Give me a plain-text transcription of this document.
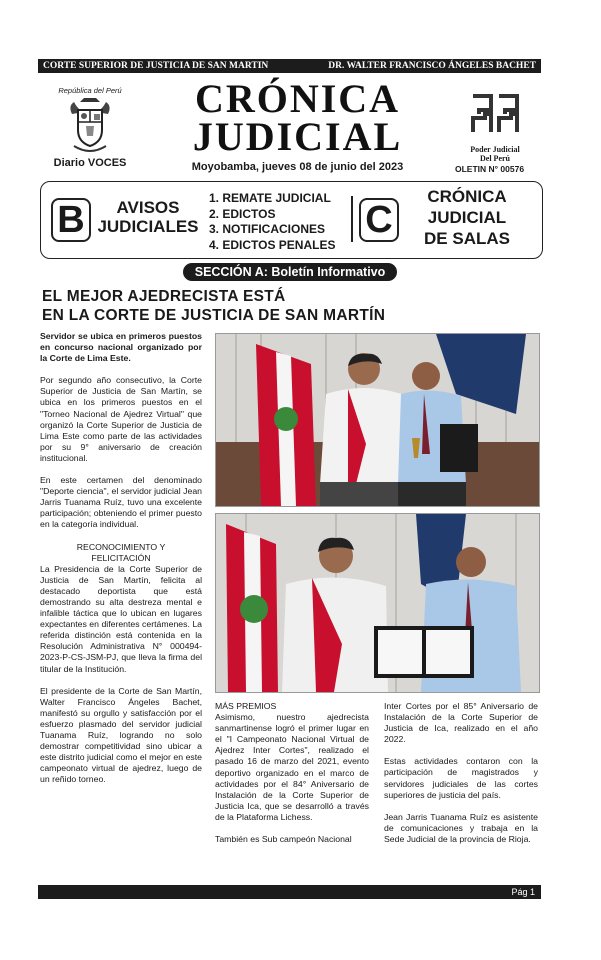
CORTE SUPERIOR DE JUSTICIA DE SAN MARTIN	DR. WALTER FRANCISCO ÁNGELES BACHET
República del Perú
Diario VOCES
CRÓNICA
JUDICIAL
Moyobamba, jueves 08 de junio del 2023
Poder Judicial
Del Perú
OLETIN N° 00576
B	AVISOS
JUDICIALES
1. REMATE JUDICIAL
2. EDICTOS
3. NOTIFICACIONES
4. EDICTOS PENALES
C
CRÓNICA
JUDICIAL
DE SALAS
SECCIÓN A: Boletín Informativo
EL MEJOR AJEDRECISTA ESTÁ
EN LA CORTE DE JUSTICIA DE SAN MARTÍN

Servidor se ubica en primeros puestos en concurso nacional organizado por la Corte de Lima Este.

Por segundo año consecutivo, la Corte Superior de Justicia de San Martín, se ubica en los primeros puestos en el "Torneo Nacional de Ajedrez Virtual" que organizó la Corte Superior de Justicia de Lima Este como parte de las actividades por su 9° aniversario de creación institucional.

En este certamen del denominado "Deporte ciencia", el servidor judicial Jean Jarris Tuanama Ruíz, tuvo una excelente participación; obteniendo el primer puesto en la categoría individual.

RECONOCIMIENTO Y
FELICITACIÓN

La Presidencia de la Corte Superior de Justicia de San Martín, felicita al destacado deportista que está demostrando su alta destreza mental e infalible táctica que lo ubican en lugares expectantes en diferentes certámenes. La referida distinción está contenida en la Resolución Administrativa N° 000494-2023-P-CS-JSM-PJ, que lleva la firma del titular de la Institución.

El presidente de la Corte de San Martín, Walter Francisco Ángeles Bachet, manifestó su orgullo y satisfacción por el esfuerzo plasmado del servidor judicial Tuanama Ruíz, logrando no solo demostrar competitividad sino ubicar a este distrito judicial como el mejor en este campeonato virtual de ajedrez, luego de un reñido torneo.

MÁS PREMIOS

Asimismo, nuestro ajedrecista sanmartinense logró el primer lugar en el "I Campeonato Nacional Virtual de Ajedrez Inter Cortes", realizado el pasado 16 de marzo del 2021, evento deportivo organizado en el marco de actividades por el 84° Aniversario de Instalación de la Corte Superior de Justicia Ica, que se desarrolló a través de la Plataforma Lichess.

También es Sub campeón Nacional

Inter Cortes por el 85° Aniversario de Instalación de la Corte Superior de Justicia de Ica, realizado en el año 2022.

Estas actividades contaron con la participación de magistrados y servidores judiciales de las cortes superiores de justicia del país.

Jean Jarris Tuanama Ruíz es asistente de comunicaciones y trabaja en la Sede Judicial de la provincia de Rioja.

Pág 1
